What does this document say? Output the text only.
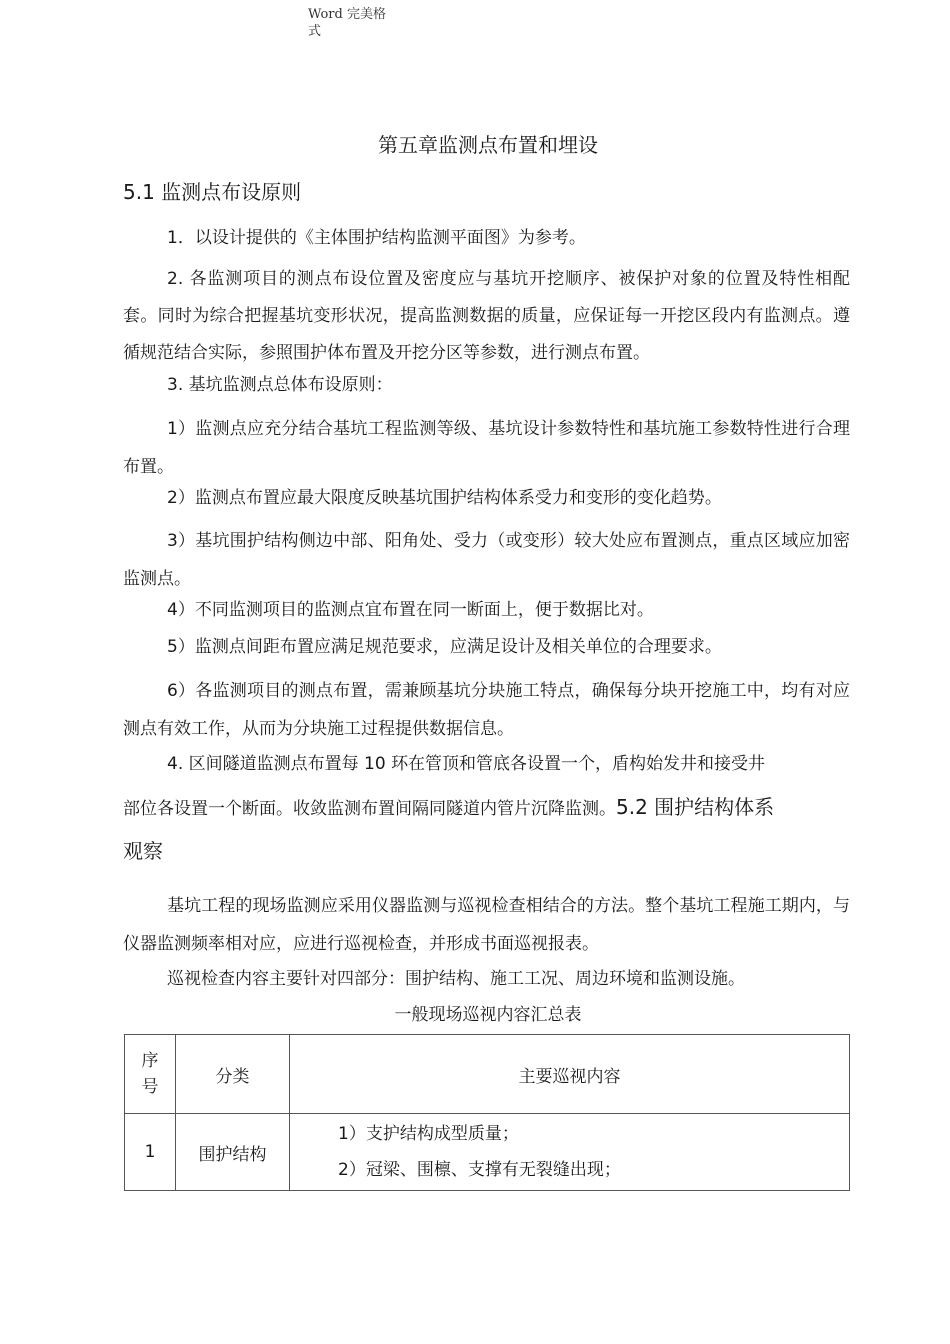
Word 完美格
式
第五章监测点布置和埋设
5.1 监测点布设原则

1．以设计提供的《主体围护结构监测平面图》为参考。

2. 各监测项目的测点布设位置及密度应与基坑开挖顺序、被保护对象的位置及特性相配套。同时为综合把握基坑变形状况，提高监测数据的质量，应保证每一开挖区段内有监测点。遵循规范结合实际，参照围护体布置及开挖分区等参数，进行测点布置。

3. 基坑监测点总体布设原则：

1）监测点应充分结合基坑工程监测等级、基坑设计参数特性和基坑施工参数特性进行合理布置。

2）监测点布置应最大限度反映基坑围护结构体系受力和变形的变化趋势。

3）基坑围护结构侧边中部、阳角处、受力（或变形）较大处应布置测点，重点区域应加密监测点。

4）不同监测项目的监测点宜布置在同一断面上，便于数据比对。

5）监测点间距布置应满足规范要求，应满足设计及相关单位的合理要求。

6）各监测项目的测点布置，需兼顾基坑分块施工特点，确保每分块开挖施工中，均有对应测点有效工作，从而为分块施工过程提供数据信息。

4. 区间隧道监测点布置每 10 环在管顶和管底各设置一个，盾构始发井和接受井
部位各设置一个断面。收敛监测布置间隔同隧道内管片沉降监测。5.2 围护结构体系
观察

基坑工程的现场监测应采用仪器监测与巡视检查相结合的方法。整个基坑工程施工期内，与仪器监测频率相对应，应进行巡视检查，并形成书面巡视报表。

巡视检查内容主要针对四部分：围护结构、施工工况、周边环境和监测设施。

一般现场巡视内容汇总表
序
号	分类	主要巡视内容
1	围护结构	1）支护结构成型质量；
2）冠梁、围檩、支撑有无裂缝出现；
